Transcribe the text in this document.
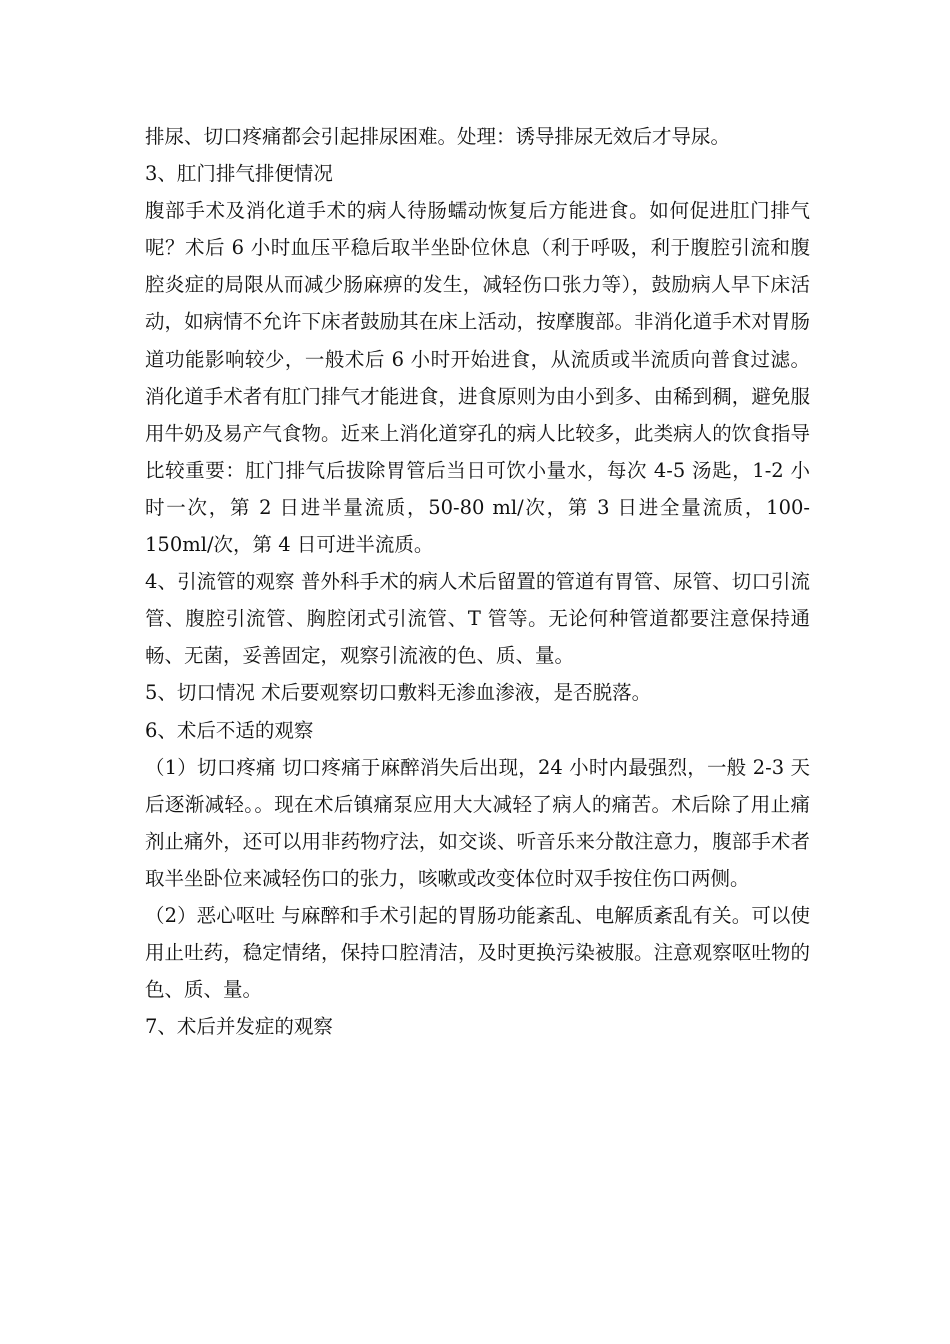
排尿、切口疼痛都会引起排尿困难。处理：诱导排尿无效后才导尿。

3、肛门排气排便情况

腹部手术及消化道手术的病人待肠蠕动恢复后方能进食。如何促进肛门排气呢？术后 6 小时血压平稳后取半坐卧位休息（利于呼吸，利于腹腔引流和腹腔炎症的局限从而减少肠麻痹的发生，减轻伤口张力等），鼓励病人早下床活动，如病情不允许下床者鼓励其在床上活动，按摩腹部。非消化道手术对胃肠道功能影响较少，一般术后 6 小时开始进食，从流质或半流质向普食过滤。消化道手术者有肛门排气才能进食，进食原则为由小到多、由稀到稠，避免服用牛奶及易产气食物。近来上消化道穿孔的病人比较多，此类病人的饮食指导比较重要：肛门排气后拔除胃管后当日可饮小量水，每次 4-5 汤匙，1-2 小时一次，第 2 日进半量流质，50-80 ml/次，第 3 日进全量流质，100-150ml/次，第 4 日可进半流质。

4、引流管的观察 普外科手术的病人术后留置的管道有胃管、尿管、切口引流管、腹腔引流管、胸腔闭式引流管、T 管等。无论何种管道都要注意保持通畅、无菌，妥善固定，观察引流液的色、质、量。

5、切口情况 术后要观察切口敷料无渗血渗液，是否脱落。

6、术后不适的观察

（1）切口疼痛 切口疼痛于麻醉消失后出现，24 小时内最强烈，一般 2-3 天后逐渐减轻。。现在术后镇痛泵应用大大减轻了病人的痛苦。术后除了用止痛剂止痛外，还可以用非药物疗法，如交谈、听音乐来分散注意力，腹部手术者取半坐卧位来减轻伤口的张力，咳嗽或改变体位时双手按住伤口两侧。

（2）恶心呕吐 与麻醉和手术引起的胃肠功能紊乱、电解质紊乱有关。可以使用止吐药，稳定情绪，保持口腔清洁，及时更换污染被服。注意观察呕吐物的色、质、量。

7、术后并发症的观察
